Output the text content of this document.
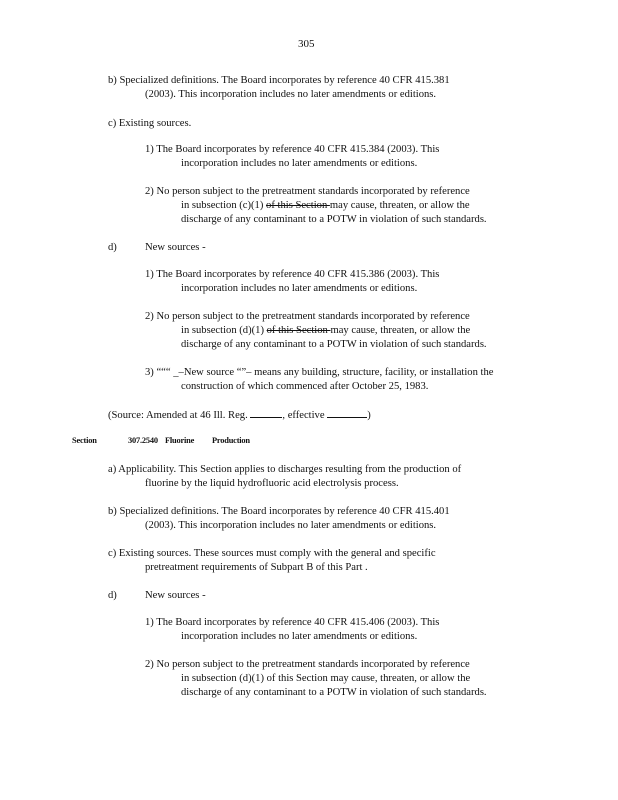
305
b) Specialized definitions. The Board incorporates by reference 40 CFR 415.381
(2003). This incorporation includes no later amendments or editions.
c) Existing sources.
1) The Board incorporates by reference 40 CFR 415.384 (2003). This
incorporation includes no later amendments or editions.
2) No person subject to the pretreatment standards incorporated by reference
in subsection (c)(1) of this Section may cause, threaten, or allow the
discharge of any contaminant to a POTW in violation of such standards.
d)	New sources -
1) The Board incorporates by reference 40 CFR 415.386 (2003). This
incorporation includes no later amendments or editions.
2) No person subject to the pretreatment standards incorporated by reference
in subsection (d)(1) of this Section may cause, threaten, or allow the
discharge of any contaminant to a POTW in violation of such standards.
3) “““ _–New source “”– means any building, structure, facility, or installation the
construction of which commenced after October 25, 1983.
(Source: Amended at 46 Ill. Reg.	, effective	)
Section	307.2540 Fluorine Production
a) Applicability. This Section applies to discharges resulting from the production of
fluorine by the liquid hydrofluoric acid electrolysis process.
b) Specialized definitions. The Board incorporates by reference 40 CFR 415.401
(2003). This incorporation includes no later amendments or editions.
c) Existing sources. These sources must comply with the general and specific
pretreatment requirements of Subpart B of this Part .
d)	New sources -
1) The Board incorporates by reference 40 CFR 415.406 (2003). This
incorporation includes no later amendments or editions.
2) No person subject to the pretreatment standards incorporated by reference
in subsection (d)(1) of this Section may cause, threaten, or allow the
discharge of any contaminant to a POTW in violation of such standards.
